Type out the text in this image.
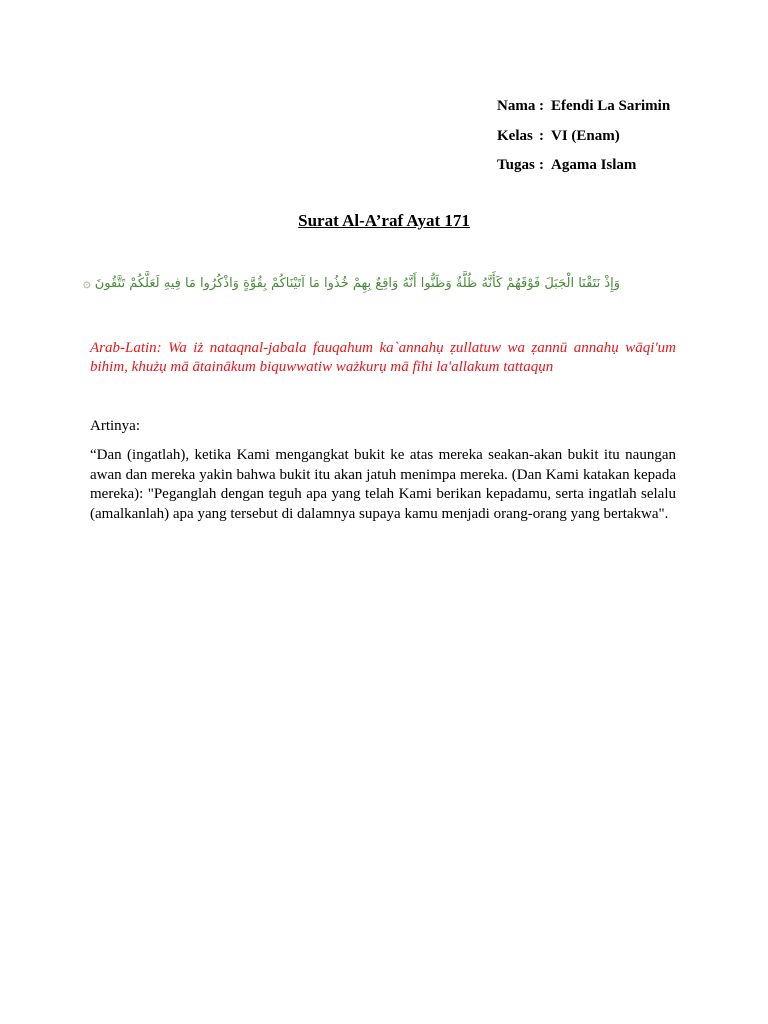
Nama : Efendi La Sarimin
Kelas : VI (Enam)
Tugas : Agama Islam
Surat Al-A’raf Ayat 171
وَإِذْ نَتَقْنَا الْجَبَلَ فَوْقَهُمْ كَأَنَّهُ ظُلَّةٌ وَظَنُّوا أَنَّهُ وَاقِعٌ بِهِمْ خُذُوا مَا آتَيْنَاكُمْ بِقُوَّةٍ وَاذْكُرُوا مَا فِيهِ لَعَلَّكُمْ تَتَّقُونَ ۞
Arab-Latin: Wa iż nataqnal-jabala fauqahum ka`annahụ ẓullatuw wa ẓannū annahụ wāqi'um bihim, khużụ mā ātainākum biquwwatiw ważkurụ mā fīhi la'allakum tattaqụn
Artinya:
“Dan (ingatlah), ketika Kami mengangkat bukit ke atas mereka seakan-akan bukit itu naungan awan dan mereka yakin bahwa bukit itu akan jatuh menimpa mereka. (Dan Kami katakan kepada mereka): "Peganglah dengan teguh apa yang telah Kami berikan kepadamu, serta ingatlah selalu (amalkanlah) apa yang tersebut di dalamnya supaya kamu menjadi orang-orang yang bertakwa".
